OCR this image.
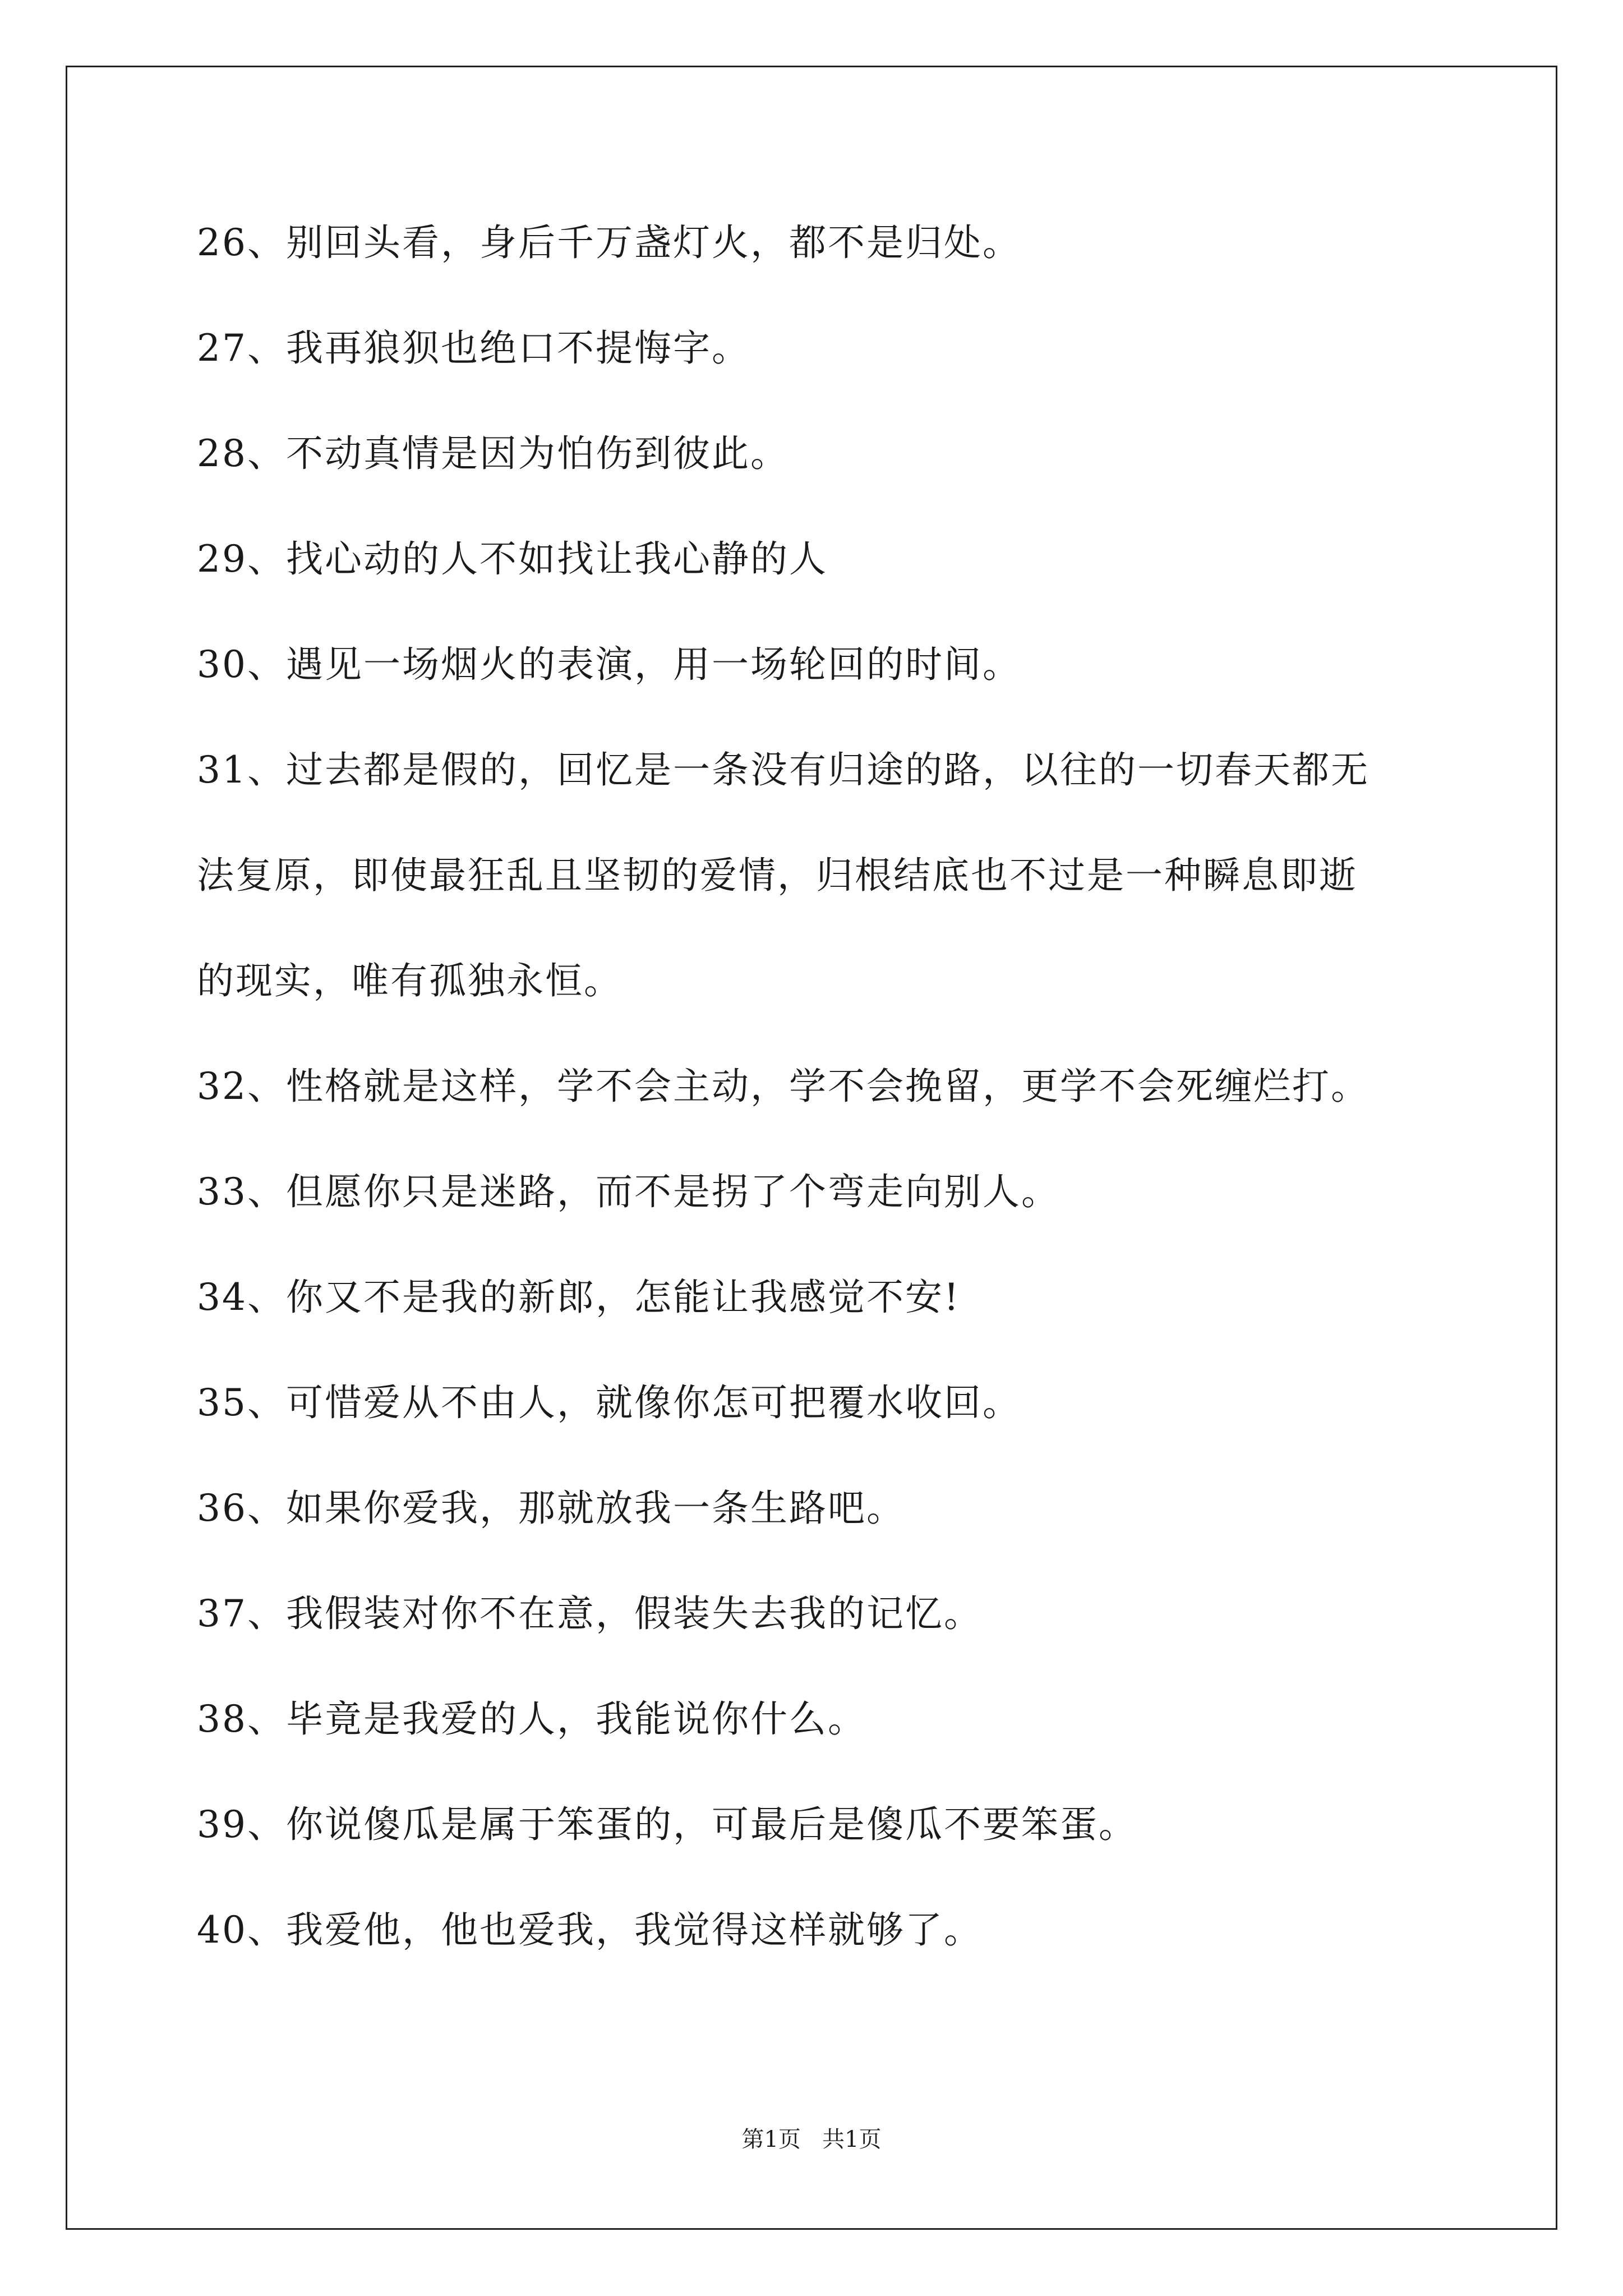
26、别回头看，身后千万盏灯火，都不是归处。
27、我再狼狈也绝口不提悔字。
28、不动真情是因为怕伤到彼此。
29、找心动的人不如找让我心静的人
30、遇见一场烟火的表演，用一场轮回的时间。
31、过去都是假的，回忆是一条没有归途的路，以往的一切春天都无
法复原，即使最狂乱且坚韧的爱情，归根结底也不过是一种瞬息即逝
的现实，唯有孤独永恒。
32、性格就是这样，学不会主动，学不会挽留，更学不会死缠烂打。
33、但愿你只是迷路，而不是拐了个弯走向别人。
34、你又不是我的新郎，怎能让我感觉不安!
35、可惜爱从不由人，就像你怎可把覆水收回。
36、如果你爱我，那就放我一条生路吧。
37、我假装对你不在意，假装失去我的记忆。
38、毕竟是我爱的人，我能说你什么。
39、你说傻瓜是属于笨蛋的，可最后是傻瓜不要笨蛋。
40、我爱他，他也爱我，我觉得这样就够了。
第1页   共1页
